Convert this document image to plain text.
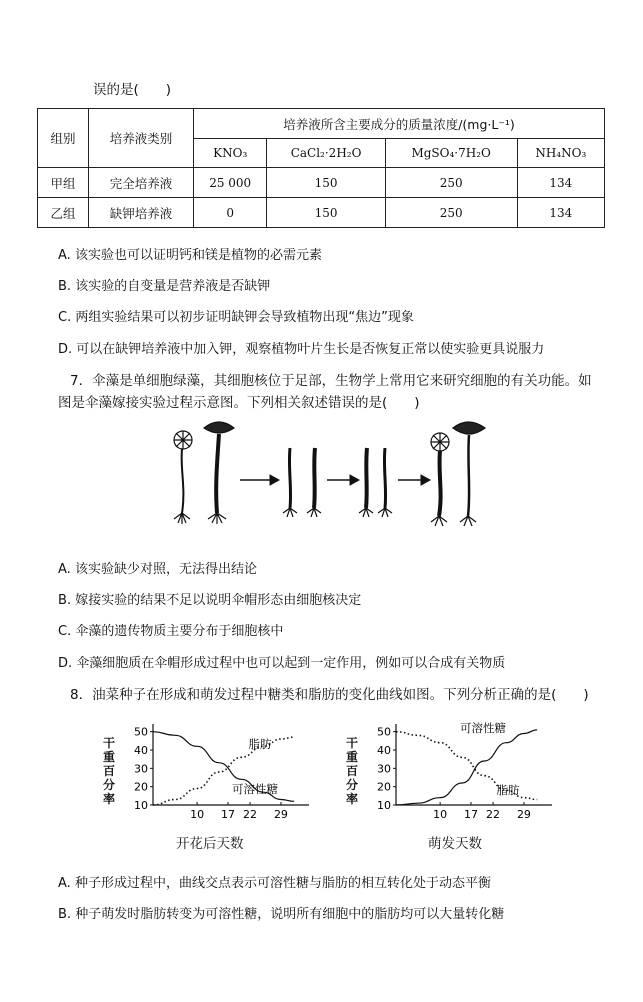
误的是(　　)
组别	培养液类别	培养液所含主要成分的质量浓度/(mg·L⁻¹)			
		KNO₃	CaCl₂·2H₂O	MgSO₄·7H₂O	NH₄NO₃
甲组	完全培养液	25 000	150	250	134
乙组	缺钾培养液	0	150	250	134
A. 该实验也可以证明钙和镁是植物的必需元素
B. 该实验的自变量是营养液是否缺钾
C. 两组实验结果可以初步证明缺钾会导致植物出现“焦边”现象
D. 可以在缺钾培养液中加入钾，观察植物叶片生长是否恢复正常以使实验更具说服力
7．伞藻是单细胞绿藻，其细胞核位于足部，生物学上常用它来研究细胞的有关功能。如
图是伞藻嫁接实验过程示意图。下列相关叙述错误的是(　　)
A. 该实验缺少对照，无法得出结论
B. 嫁接实验的结果不足以说明伞帽形态由细胞核决定
C. 伞藻的遗传物质主要分布于细胞核中
D. 伞藻细胞质在伞帽形成过程中也可以起到一定作用，例如可以合成有关物质
8．油菜种子在形成和萌发过程中糖类和脂肪的变化曲线如图。下列分析正确的是(　　)
干重百分率 10
20
30
40
50
10 17 22 29
脂肪
可溶性糖
开花后天数
干重百分率 10
20
30
40
50
10 17 22 29
脂肪
可溶性糖
萌发天数
A. 种子形成过程中，曲线交点表示可溶性糖与脂肪的相互转化处于动态平衡
B. 种子萌发时脂肪转变为可溶性糖，说明所有细胞中的脂肪均可以大量转化糖
